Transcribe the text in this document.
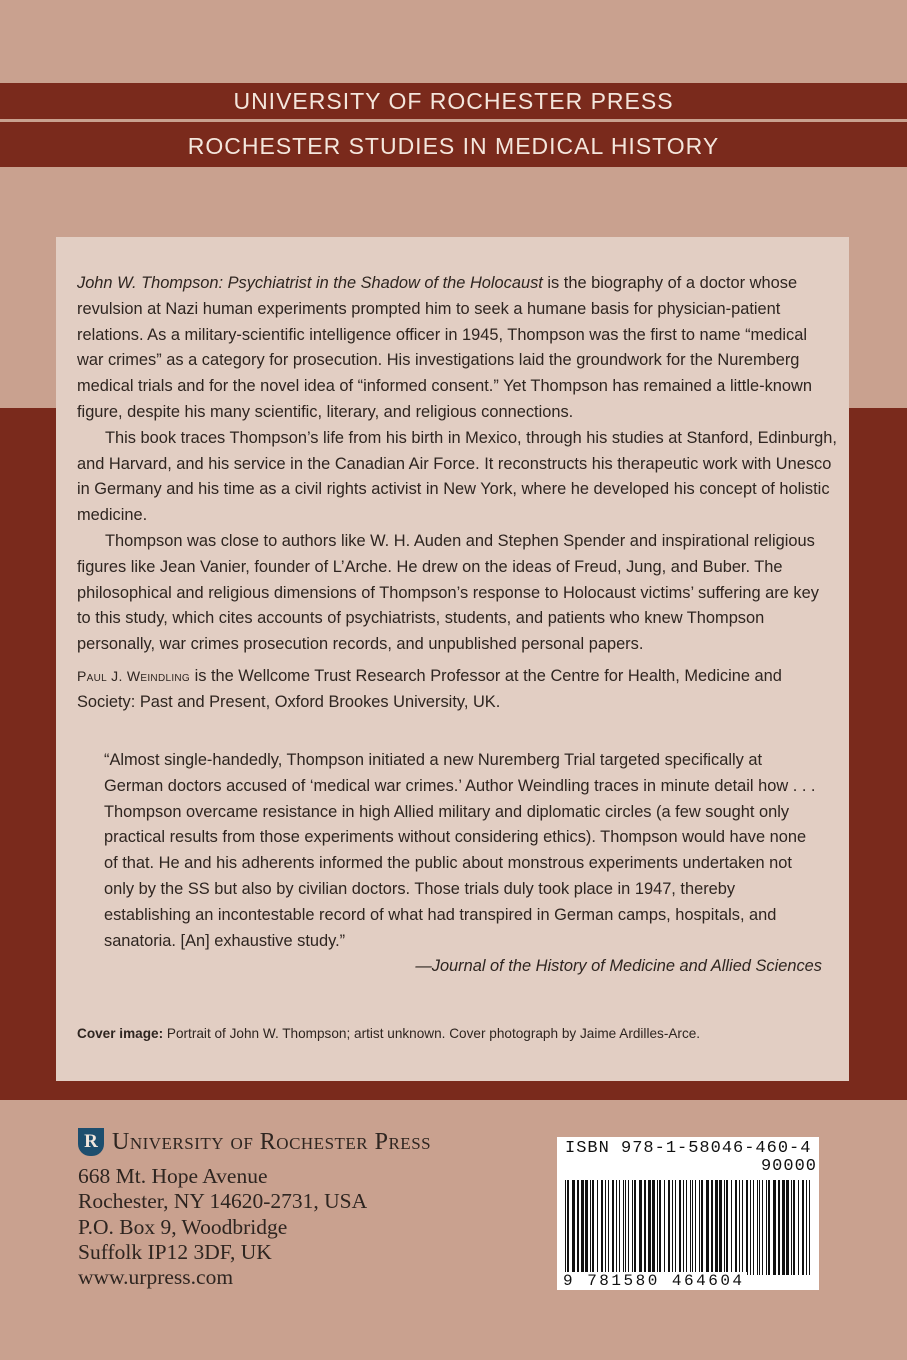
UNIVERSITY OF ROCHESTER PRESS
ROCHESTER STUDIES IN MEDICAL HISTORY

John W. Thompson: Psychiatrist in the Shadow of the Holocaust is the biography of a doctor whose revulsion at Nazi human experiments prompted him to seek a humane basis for physician-patient relations. As a military-scientific intelligence officer in 1945, Thompson was the first to name “medical war crimes” as a category for prosecution. His investigations laid the groundwork for the Nuremberg medical trials and for the novel idea of “informed consent.” Yet Thompson has remained a little-known figure, despite his many scientific, literary, and religious connections.

This book traces Thompson’s life from his birth in Mexico, through his studies at Stanford, Edinburgh, and Harvard, and his service in the Canadian Air Force. It reconstructs his therapeutic work with Unesco in Germany and his time as a civil rights activist in New York, where he developed his concept of holistic medicine.

Thompson was close to authors like W. H. Auden and Stephen Spender and inspirational religious figures like Jean Vanier, founder of L’Arche. He drew on the ideas of Freud, Jung, and Buber. The philosophical and religious dimensions of Thompson’s response to Holocaust victims’ suffering are key to this study, which cites accounts of psychiatrists, students, and patients who knew Thompson personally, war crimes prosecution records, and unpublished personal papers.

Paul J. Weindling is the Wellcome Trust Research Professor at the Centre for Health, Medicine and Society: Past and Present, Oxford Brookes University, UK.

“Almost single-handedly, Thompson initiated a new Nuremberg Trial targeted specifically at German doctors accused of ‘medical war crimes.’ Author Weindling traces in minute detail how . . . Thompson overcame resistance in high Allied military and diplomatic circles (a few sought only practical results from those experiments without considering ethics). Thompson would have none of that. He and his adherents informed the public about monstrous experiments undertaken not only by the SS but also by civilian doctors. Those trials duly took place in 1947, thereby establishing an incontestable record of what had transpired in German camps, hospitals, and sanatoria. [An] exhaustive study.”
—Journal of the History of Medicine and Allied Sciences
Cover image: Portrait of John W. Thompson; artist unknown. Cover photograph by Jaime Ardilles-Arce.
R University of Rochester Press
668 Mt. Hope Avenue
Rochester, NY 14620-2731, USA
P.O. Box 9, Woodbridge
Suffolk IP12 3DF, UK
www.urpress.com
ISBN 978-1-58046-460-4
90000
9 781580 464604
